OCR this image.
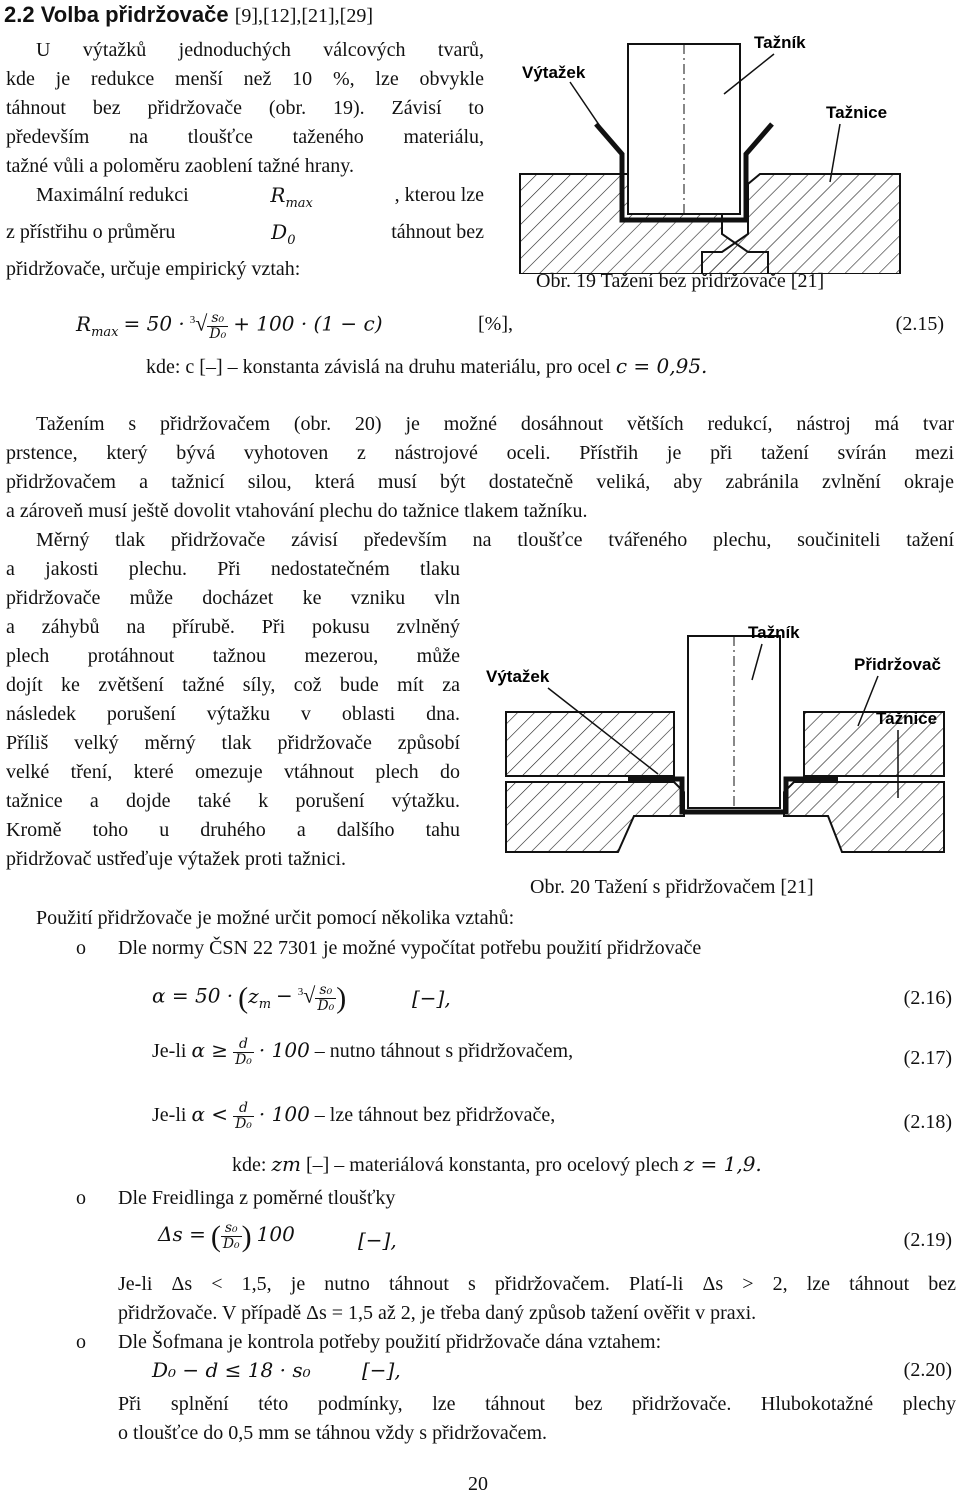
2.2 Volba přidržovače [9],[12],[21],[29]
U výtažků jednoduchých válcových tvarů,
kde je redukce menší než 10 %, lze obvykle
táhnout bez přidržovače (obr. 19). Závisí to
především na tloušťce taženého materiálu,
tažné vůli a poloměru zaoblení tažné hrany.
Maximální redukci	$R_{max}$	, kterou lze
z přístřihu o průměru	$D_0$	táhnout bez
přidržovače, určuje empirický vztah:
Výtažek
Tažník
Tažnice
Obr. 19 Tažení bez přidržovače [21]
$R_{max} = 50 \cdot ^3√ \frac{\text{s₀}}{\text{D₀}} + 100 \cdot (1 - c)$	[%],	(2.15)
kde: c [–] – konstanta závislá na druhu materiálu, pro ocel c = 0,95.
Tažením s přidržovačem (obr. 20) je možné dosáhnout větších redukcí, nástroj má tvar
prstence, který bývá vyhotoven z nástrojové oceli. Přístřih je při tažení svírán mezi
přidržovačem a tažnicí silou, která musí být dostatečně veliká, aby zabránila zvlnění okraje
a zároveň musí ještě dovolit vtahování plechu do tažnice tlakem tažníku.
Měrný tlak přidržovače závisí především na tloušťce tvářeného plechu, součiniteli tažení
a jakosti plechu. Při nedostatečném tlaku
přidržovače může docházet ke vzniku vln
a záhybů na přírubě. Při pokusu zvlněný
plech protáhnout tažnou mezerou, může
dojít ke zvětšení tažné síly, což bude mít za
následek porušení výtažku v oblasti dna.
Příliš velký měrný tlak přidržovače způsobí
velké tření, které omezuje vtáhnout plech do
tažnice a dojde také k porušení výtažku.
Kromě toho u druhého a dalšího tahu
přidržovač ustřeďuje výtažek proti tažnici.
Výtažek
Tažník
Přidržovač
Tažnice
Obr. 20 Tažení s přidržovačem [21]
Použití přidržovače je možné určit pomocí několika vztahů:
o Dle normy ČSN 22 7301 je možné vypočítat potřebu použití přidržovače
$\alpha = 50 \cdot (z_m - ^3√ \frac{\text{s₀}}{\text{D₀}}$ )	[−],	(2.16)
Je-li $\alpha \ge \frac{d}{\text{D₀}} \cdot 100$ – nutno táhnout s přidržovačem,	(2.17)
Je-li $\alpha < \frac{d}{\text{D₀}} \cdot 100$ – lze táhnout bez přidržovače,	(2.18)
kde: zm [–] – materiálová konstanta, pro ocelový plech z = 1,9.
o Dle Freidlinga z poměrné tloušťky
Δs = ( $\frac{\text{s₀}}{\text{D₀}}$ ) 100	[−],	(2.19)
Je-li Δs < 1,5, je nutno táhnout s přidržovačem. Platí-li Δs > 2, lze táhnout bez
přidržovače. V případě Δs = 1,5 až 2, je třeba daný způsob tažení ověřit v praxi.
o Dle Šofmana je kontrola potřeby použití přidržovače dána vztahem:
D₀ − d ≤ 18 · s₀	[−],	(2.20)
Při splnění této podmínky, lze táhnout bez přidržovače. Hlubokotažné plechy
o tloušťce do 0,5 mm se táhnou vždy s přidržovačem.
20
